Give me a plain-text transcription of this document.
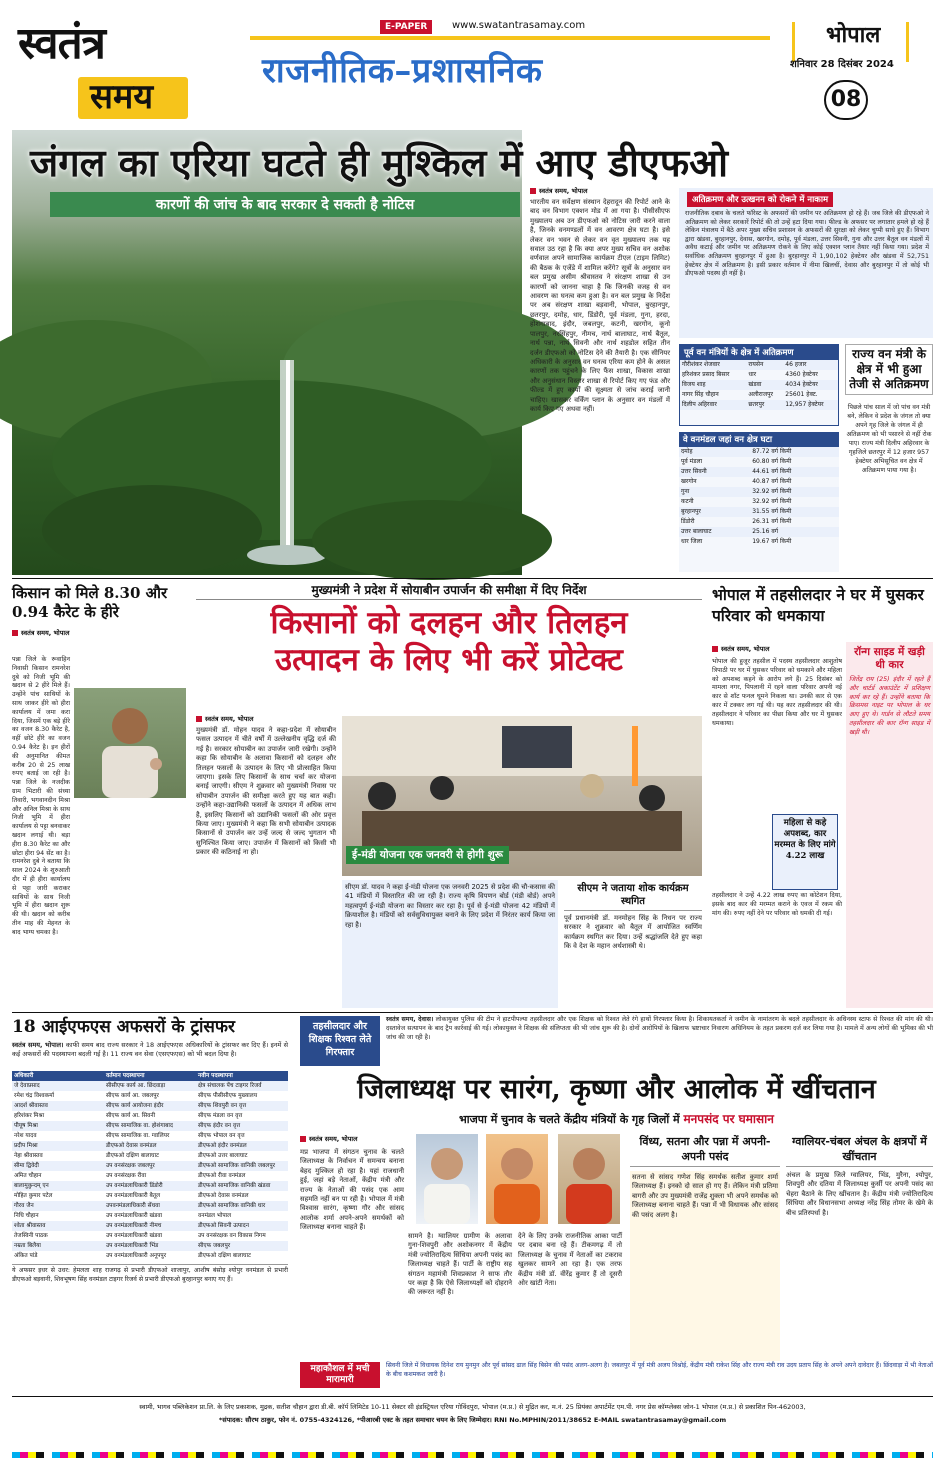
स्वतंत्र
समय
E-PAPER	www.swatantrasamay.com
राजनीतिक–प्रशासनिक
भोपाल
शनिवार 28 दिसंबर 2024
08
जंगल का एरिया घटते ही मुश्किल में आए डीएफओ
कारणों की जांच के बाद सरकार दे सकती है नोटिस
स्वतंत्र समय, भोपाल
भारतीय वन सर्वेक्षण संस्थान देहरादून की रिपोर्ट आने के बाद वन विभाग एक्शन मोड में आ गया है। पीसीसीएफ मुख्यालय अब उन डीएफओ को नोटिस जारी करने वाला है, जिनके वनमण्डलों में वन आवरण क्षेत्र घटा है। इसे लेकर वन भवन से लेकर वन वृत मुख्यालय तक यह सवाल उठ रहा है कि क्या अपर मुख्य सचिव वन अशोक वर्णवाल अपने सामाजिक कार्यक्रम टीएल (टाइम लिमिट) की बैठक के एजेंडे में शामिल करेंगे? सूत्रों के अनुसार वन बल प्रमुख असीम श्रीवास्तव ने संरक्षण शाखा से उन कारणों को जानना चाहा है कि जिनकी वजह से वन आवरण का घनत्व कम हुआ है। वन बल प्रमुख के निर्देश पर अब संरक्षण शाखा बड़वानी, भोपाल, बुरहानपुर, छतरपुर, दमोह, धार, डिंडोरी, पूर्व मंडला, गुना, हरदा, होशंगाबाद, इंदौर, जबलपुर, कटनी, खरगोन, कूनो पालपुर, नरसिंहपुर, नीमच, नार्थ बालाघाट, नार्थ बैतूल, नार्थ पन्ना, नार्थ सिवनी और नार्थ शहडोल सहित तीन दर्जन डीएफओ को नोटिस देने की तैयारी है। एक सीनियर अधिकारी के अनुसार वन घनत्व एरिया कम होने के असल कारणों तक पहुंचने के लिए फैंस शाखा, विकास शाखा और अनुसंधान विस्तार शाखा से रिपोर्ट किए गए फंड और फील्ड में हुए कार्यों की सूक्ष्मता से जांच कराई जानी चाहिए। खासकर वर्किंग प्लान के अनुसार वन मंडलों में कार्य किए गए अथवा नहीं।
अतिक्रमण और उत्खनन को रोकने में नाकाम
राजनीतिक दबाव के चलते फॉरेस्ट के अफसरों की जमीन पर अतिक्रमण हो रहे हैं। जब जिले की डीएफओ ने अतिक्रमण को लेकर सरकारें रिपोर्ट की तो उन्हें हटा दिया गया। फील्ड के अफसर पर लगातार हमले हो रहे हैं लेकिन मंत्रालय में बैठे अपर मुख्य सचिव प्रशासन के अफसरों की सुरक्षा को लेकर चुप्पी साधे हुए हैं। विभाग द्वारा खंडवा, बुरहानपुर, देवास, खरगोन, दमोह, पूर्व मंडला, उत्तर सिवनी, गुना और उत्तर बैतूल वन मंडलों में अवैध कटाई और जमीन पर अतिक्रमण रोकने के लिए कोई एक्शन प्लान तैयार नहीं किया गया। प्रदेश में सर्वाधिक अतिक्रमण बुरहानपुर में हुआ है। बुरहानपुर में 1,90,102 हेक्टेयर और खंडवा में 52,751 हेक्टेयर क्षेत्र में अतिक्रमण है। इसी प्रकार वर्तमान में नीमा खिलचीं, देवास और बुरहानपुर में तो कोई भी डीएफओ पदस्थ ही नहीं है।
पूर्व वन मंत्रियों के क्षेत्र में अतिक्रमण
गौरीशंकर शेजवार	रायसेन	46 हजार
हरिशंकर प्रसाद बिसार	धार	4360 हेक्टेयर
विजय शाह	खंडवा	4034 हेक्टेयर
नागर सिंह चौहान	अलीराजपुर	25601 हेक्ट.
दिलीप अहिरवार	छतरपुर	12,957 हेक्टेयर
वे वनमंडल जहां वन क्षेत्र घटा
दमोह	87.72 वर्ग किमी
पूर्व मंडला	60.80 वर्ग किमी
उत्तर सिवनी	44.61 वर्ग किमी
खरगोन	40.87 वर्ग किमी
गुना	32.92 वर्ग किमी
कटनी	32.92 वर्ग किमी
बुरहानपुर	31.55 वर्ग किमी
डिंडोरी	26.31 वर्ग किमी
उत्तर बालाघाट	25.16 वर्ग
धार जिला	19.67 वर्ग किमी
राज्य वन मंत्री के क्षेत्र में भी हुआ तेजी से अतिक्रमण
पिछले पांच साल में जो पांच वन मंत्री बने, लेकिन वे प्रदेश के जंगल तो क्या अपने गृह जिले के जंगल में ही अतिक्रमण को भी पसारने से नहीं रोक पाए। राज्य मंत्री दिलीप अहिरवार के गृहजिले छतरपुर में 12 हजार 957 हेक्टेयर अभिसूचित वन क्षेत्र में अतिक्रमण पाया गया है।
किसान को मिले 8.30 और 0.94 कैरेट के हीरे
स्वतंत्र समय, भोपाल
पन्ना जिले के रूवाहिन निवासी किसान रामनरेश दुबे को निजी भूमि की खदान से 2 हीरे मिले हैं। उन्होंने पांच साथियों के साथ जाकर हीरे को हीरा कार्यालय में जमा करा दिया, जिसमें एक बड़े हीरे का वजन 8.30 कैरेट है, वहीं छोटे हीरे का वजन 0.94 कैरेट है। इन हीरों की अनुमानित कीमत करीब 20 से 25 लाख रुपए बताई जा रही है। पन्ना जिले के नजदीक ग्राम भिटारी की संध्या तिवारी, भगवानदीन मिश्रा और अनिल मिश्रा के साथ निजी भूमि में हीरा कार्यालय से पट्टा बनवाकर खदान लगाई थी। बड़ा हीरा 8.30 कैरेट का और छोटा हीरा 94 सेंट का है। रामनरेश दुबे ने बताया कि साल 2024 के शुरुआती दौर में ही हीरा कार्यालय से पट्टा जारी कराकर साथियों के साथ निजी भूमि में हीरा खदान शुरू की थी। खदान को करीब तीन माह की मेहनत के बाद भाग्य चमका है।
मुख्यमंत्री ने प्रदेश में सोयाबीन उपार्जन की समीक्षा में दिए निर्देश
किसानों को दलहन और तिलहन
उत्पादन के लिए भी करें प्रोटेक्ट
स्वतंत्र समय, भोपाल
मुख्यमंत्री डॉ. मोहन यादव ने कहा-प्रदेश में सोयाबीन फसल उत्पादन में चीते वर्षों में उल्लेखनीय वृद्धि दर्ज की गई है। सरकार सोयाबीन का उपार्जन जारी रखेगी। उन्होंने कहा कि सोयाबीन के अलावा किसानों को दलहन और तिलहन फसलों के उत्पादन के लिए भी प्रोत्साहित किया जाएगा। इसके लिए किसानों के साथ चर्चा कर योजना बनाई जाएगी। सीएम ने शुक्रवार को मुख्यमंत्री निवास पर सोयाबीन उपार्जन की समीक्षा करते हुए यह बात कही। उन्होंने कहा-उद्यानिकी फसलों के उत्पादन में अधिक लाभ है, इसलिए किसानों को उद्यानिकी फसलों की ओर प्रवृत्त किया जाए। मुख्यमंत्री ने कहा कि सभी सोयाबीन उत्पादक किसानों से उपार्जन कर उन्हें जल्द से जल्द भुगतान भी सुनिश्चित किया जाए। उपार्जन में किसानों को किसी भी प्रकार की कठिनाई ना हो।	ई-मंडी योजना एक जनवरी से होगी शुरू
सीएम डॉ. यादव ने कहा ई-मंडी योजना एक जनवरी 2025 से प्रदेश की चौ-कसास की 41 मंडियों में विस्तारित की जा रही है। राज्य कृषि विपणन बोर्ड (मंडी बोर्ड) अपने महत्वपूर्ण ई-मंडी योजना का विस्तार कर रहा है। पूर्व से ई-मंडी योजना 42 मंडियों में क्रियाशील है। मंडियों को सर्वसुविधायुक्त बनाने के लिए प्रदेश में निरंतर कार्य किया जा रहा है।
सीएम ने जताया शोक कार्यक्रम स्थगित
पूर्व प्रधानमंत्री डॉ. मनमोहन सिंह के निधन पर राज्य सरकार ने शुक्रवार को बैतूल में आयोजित स्वर्णिम कार्यक्रम स्थगित कर दिया। उन्हें श्रद्धांजलि देते हुए कहा कि वे देश के महान अर्थशास्त्री थे।
भोपाल में तहसीलदार ने घर में घुसकर परिवार को धमकाया
स्वतंत्र समय, भोपाल
भोपाल की हुजूर तहसील में पदस्थ तहसीलदार आशुतोष त्रिपाठी पर घर में घुसकर परिवार को धमकाने और महिला को अपशब्द कहने के आरोप लगे हैं। 25 दिसंबर को मामला नगर, पिपलानी में रहने वाला परिवार अपनी नई कार से शॉट फनल घूमने निकला था। उनकी कार से एक कार में टक्कर लग गई थी। यह कार तहसीलदार की थी। तहसीलदार ने परिवार का पीछा किया और घर में घुसकर धमकाया।
महिला से कहे अपशब्द, कार मरम्मत के लिए मांगे 4.22 लाख
तहसीलदार ने उन्हें 4.22 लाख रुपए का कोटेशन दिया, इसके बाद कार की मरम्मत कराने के एवज में रकम की मांग की। रुपए नहीं देने पर परिवार को धमकी दी गई।
रॉन्ग साइड में खड़ी थी कार
जितेंद्र राय (25) इंदौर में रहते हैं और चार्टर्ड अकाउंटेंट में प्रशिक्षण कार्य कर रहे हैं। उन्होंने बताया कि क्रिसमस नाइट पर भोपाल के घर आए हुए थे। गार्डन से लौटते समय तहसीलदार की कार रॉन्ग साइड में खड़ी थी।
18 आईएफएस अफसरों के ट्रांसफर
स्वतंत्र समय, भोपाल। काफी समय बाद राज्य सरकार ने 18 आईएफएस अधिकारियों के ट्रांसफर कर दिए हैं। इनमें से कई अफसरों की पदस्थापना बदली गई है। 11 राज्य वन सेवा (एसएफएस) को भी बदल दिया है।
अधिकारी	वर्तमान पदस्थापना	नवीन पदस्थापना
जे देवाप्रसाद	सीसीएफ कार्य आ. छिंदवाड़ा	क्षेत्र संचालक पेंच टाइगर रिजर्व
रमेश चंद्र विश्वकर्मा	सीएफ कार्य आ. जबलपुर	सीएफ पीसीसीएफ मुख्यालय
आदर्श श्रीवास्तव	सीएफ कार्य आयोजना इंदौर	सीएफ शिवपुरी वन वृत्त
हरिशंकर मिश्रा	सीएफ कार्य आ. सिवनी	सीएफ मंडला वन वृत्त
पीयूष मिश्रा	सीएफ सामाजिक वा. होशंगाबाद	सीएफ इंदौर वन वृत्त
नरेश यादव	सीएफ सामाजिक वा. ग्वालियर	सीएफ भोपाल वन वृत्त
प्रदीप मिश्रा	डीएफओ देवास वनमंडल	डीएफओ इंदौर वनमंडल
नेहा श्रीवास्तव	डीएफओ दक्षिण बालाघाट	डीएफओ उत्तर बालाघाट
सीमा द्विवेदी	उप वनसंरक्षक जबलपुर	डीएफओ सामाजिक वानिकी जबलपुर
अमित चौहान	उप वनसंरक्षक रीवा	डीएफओ रीवा वनमंडल
बालामुकुन्दम् एन	उप वनमंडलाधिकारी डिंडोरी	डीएफओ सामाजिक वानिकी खंडवा
मोहित कुमार पटेल	उप वनमंडलाधिकारी बैतूल	डीएफओ देवास वनमंडल
गौरव जैन	उपवनमंडलाधिकारी सेंधवा	डीएफओ सामाजिक वानिकी धार
निधि चौहान	उप वनमंडलाधिकारी खंडवा	वनमंडल भोपाल
श्वेता श्रीवास्तव	उप वनमंडलाधिकारी नीमच	डीएफओ सिवनी उत्पादन
तेजस्विनी पाठक	उप वनमंडलाधिकारी खंडवा	उप वनसंरक्षक वन विकास निगम
नम्रता बिलैया	उप वनमंडलाधिकारी भिंड	सीएफ जबलपुर
अंकित पांडे	उप वनमंडलाधिकारी अनूपपुर	डीएफओ दक्षिण बालाघाट
ये अफसर इधर से उधर: हेमलता शाह राजगढ़ से प्रभारी डीएफओ शाजापुर, आशीष बंसोड़ श्योपुर वनमंडल से प्रभारी डीएफओ बड़वानी, शिवभूषण सिंह वनमंडल टाइगर रिजर्व से प्रभारी डीएफओ बुरहानपुर बनाए गए हैं।
तहसीलदार और शिक्षक रिश्वत लेते गिरफ्तार
स्वतंत्र समय, देवास। लोकायुक्त पुलिस की टीम ने हाटपीपल्या तहसीलदार और एक शिक्षक को रिश्वत लेते रंगे हाथों गिरफ्तार किया है। शिकायतकर्ता ने जमीन के नामांतरण के बदले तहसीलदार के अधिनस्थ स्टाफ से रिश्वत की मांग की थी। दस्तावेज सत्यापन के बाद ट्रैप कार्रवाई की गई। लोकायुक्त ने शिक्षक की संलिप्तता की भी जांच शुरू की है। दोनों आरोपियों के खिलाफ भ्रष्टाचार निवारण अधिनियम के तहत प्रकरण दर्ज कर लिया गया है। मामले में अन्य लोगों की भूमिका की भी जांच की जा रही है।
जिलाध्यक्ष पर सारंग, कृष्णा और आलोक में खींचतान
भाजपा में चुनाव के चलते केंद्रीय मंत्रियों के गृह जिलों में मनपसंद पर घमासान
स्वतंत्र समय, भोपाल
मप्र भाजपा में संगठन चुनाव के चलते जिलाध्यक्ष के निर्वाचन में समन्वय बनाना बेहद मुश्किल हो रहा है। यहां राजधानी हुई, जहां बड़े नेताओं, केंद्रीय मंत्री और राज्य के नेताओं की पसंद एक आम सहमति नहीं बन पा रही है। भोपाल में मंत्री विश्वास सारंग, कृष्णा गौर और सांसद आलोक शर्मा अपने-अपने समर्थकों को जिलाध्यक्ष बनाना चाहते हैं।
सामने है। ग्वालियर ग्रामीण के अलावा गुना-शिवपुरी और अशोकनगर में केंद्रीय मंत्री ज्योतिरादित्य सिंधिया अपनी पसंद का जिलाध्यक्ष चाहते हैं। पार्टी के राष्ट्रीय सह संगठन महामंत्री शिवप्रकाश ने साफ तौर पर कहा है कि ऐसे जिलाध्यक्षों को दोहराने की जरूरत नहीं है।
देने के लिए उनके राजनीतिक आका पार्टी पर दबाव बना रहे हैं। टीकमगढ़ में तो जिलाध्यक्ष के चुनाव में नेताओं का टकराव खुलकर सामने आ रहा है। एक तरफ केंद्रीय मंत्री डॉ. वीरेंद्र कुमार हैं तो दूसरी ओर खांटी नेता।
विंध्य, सतना और पन्ना में अपनी-अपनी पसंद
सतना से सांसद गणेश सिंह समर्थक सतीश कुमार शर्मा जिलाध्यक्ष हैं। इनको दो साल हो गए हैं। लेकिन मंत्री प्रतिमा बागरी और उप मुख्यमंत्री राजेंद्र शुक्ला भी अपने समर्थक को जिलाध्यक्ष बनाना चाहते हैं। पन्ना में भी विधायक और सांसद की पसंद अलग है।
ग्वालियर-चंबल अंचल के क्षत्रपों में खींचतान
अंचल के प्रमुख जिले ग्वालियर, भिंड, मुरैना, श्योपुर, शिवपुरी और दतिया में जिलाध्यक्ष कुर्सी पर अपनी पसंद का चेहरा बैठाने के लिए खींचतान है। केंद्रीय मंत्री ज्योतिरादित्य सिंधिया और विधानसभा अध्यक्ष नरेंद्र सिंह तोमर के खेमे के बीच प्रतिस्पर्धा है।
महाकौशल में मची मारामारी
सिवनी जिले में विधायक दिनेश राय मुनमुन और पूर्व सांसद ढाल सिंह बिसेन की पसंद अलग-अलग है। जबलपुर में पूर्व मंत्री अजय विश्नोई, केंद्रीय मंत्री राकेश सिंह और राज्य मंत्री राव उदय प्रताप सिंह के अपने अपने दावेदार हैं। छिंदवाड़ा में भी नेताओं के बीच कशमकश जारी है।
स्वामी, भागव पब्लिकेशन प्रा.लि. के लिए प्रकाशक, मुद्रक, सतीश चौहान द्वारा डी.बी. कॉर्प लिमिटेड 10-11 सेक्टर सी इंडस्ट्रियल एरिया गोविंदपुरा, भोपाल (म.प्र.) से मुद्रित कर, म.नं. 25 प्रियंका अपार्टमेंट एम.पी. नगर प्रेस कॉम्प्लेक्स जोन-1 भोपाल (म.प्र.) से प्रकाशित पिन-462003,
*संपादक: सौरभ ठाकुर, फोन नं. 0755-4324126, *पीआरबी एक्ट के तहत समाचार चयन के लिए जिम्मेदार। RNI No.MPHIN/2011/38652 E-MAIL swatantrasamay@gmail.com
